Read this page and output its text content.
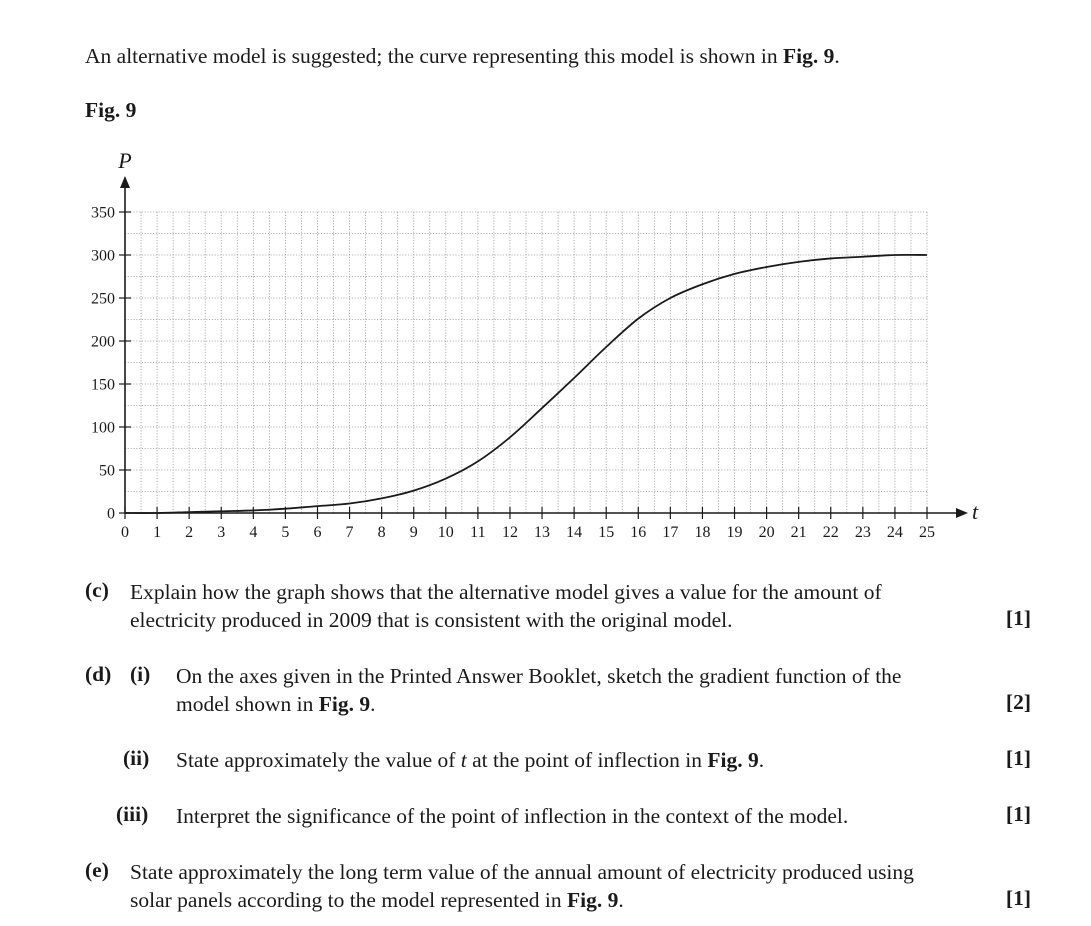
An alternative model is suggested; the curve representing this model is shown in Fig. 9.
Fig. 9
0 1 2 3 4 5 6 7 8 9 10 11 12 13 14 15 16 17 18 19 20 21 22 23 24 25
0
50
100
150
200
250
300
350
P
t
(c) Explain how the graph shows that the alternative model gives a value for the amount of
electricity produced in 2009 that is consistent with the original model.	[1]
(d) (i) On the axes given in the Printed Answer Booklet, sketch the gradient function of the
model shown in Fig. 9.	[2]
(ii) State approximately the value of t at the point of inflection in Fig. 9.	[1]
(iii) Interpret the significance of the point of inflection in the context of the model.	[1]
(e) State approximately the long term value of the annual amount of electricity produced using
solar panels according to the model represented in Fig. 9.	[1]
